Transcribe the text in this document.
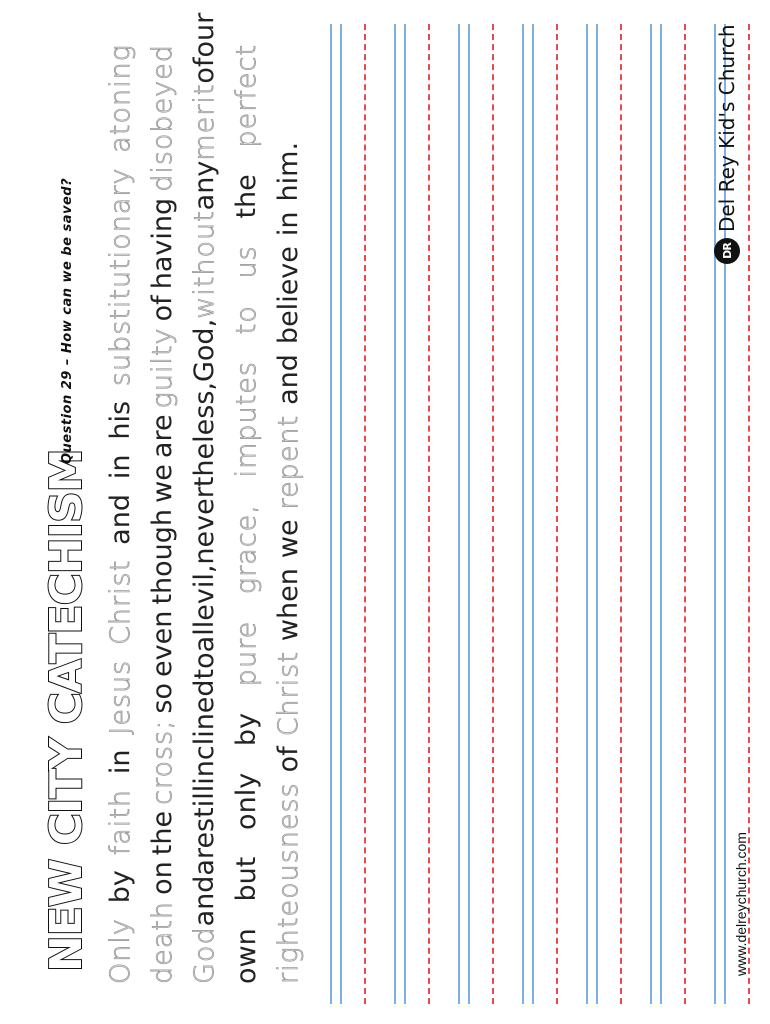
NEW CITY CATECHISM
Question 29 – How can we be saved?
Only
by
faith
in
Jesus
Christ
and
in
his
substitutionary
atoning
death
on
the
cross;
so
even
though
we
are
guilty
of
having
disobeyed
God
and
are
still
inclined
to
all
evil,
nevertheless,
God,
without
any
merit
of
our
own
but
only
by
pure
grace,
imputes
to
us
the
perfect
righteousness
of
Christ
when
we
repent
and
believe
in
him.
www.delreychurch.com
DR
Del Rey Kid's Church
